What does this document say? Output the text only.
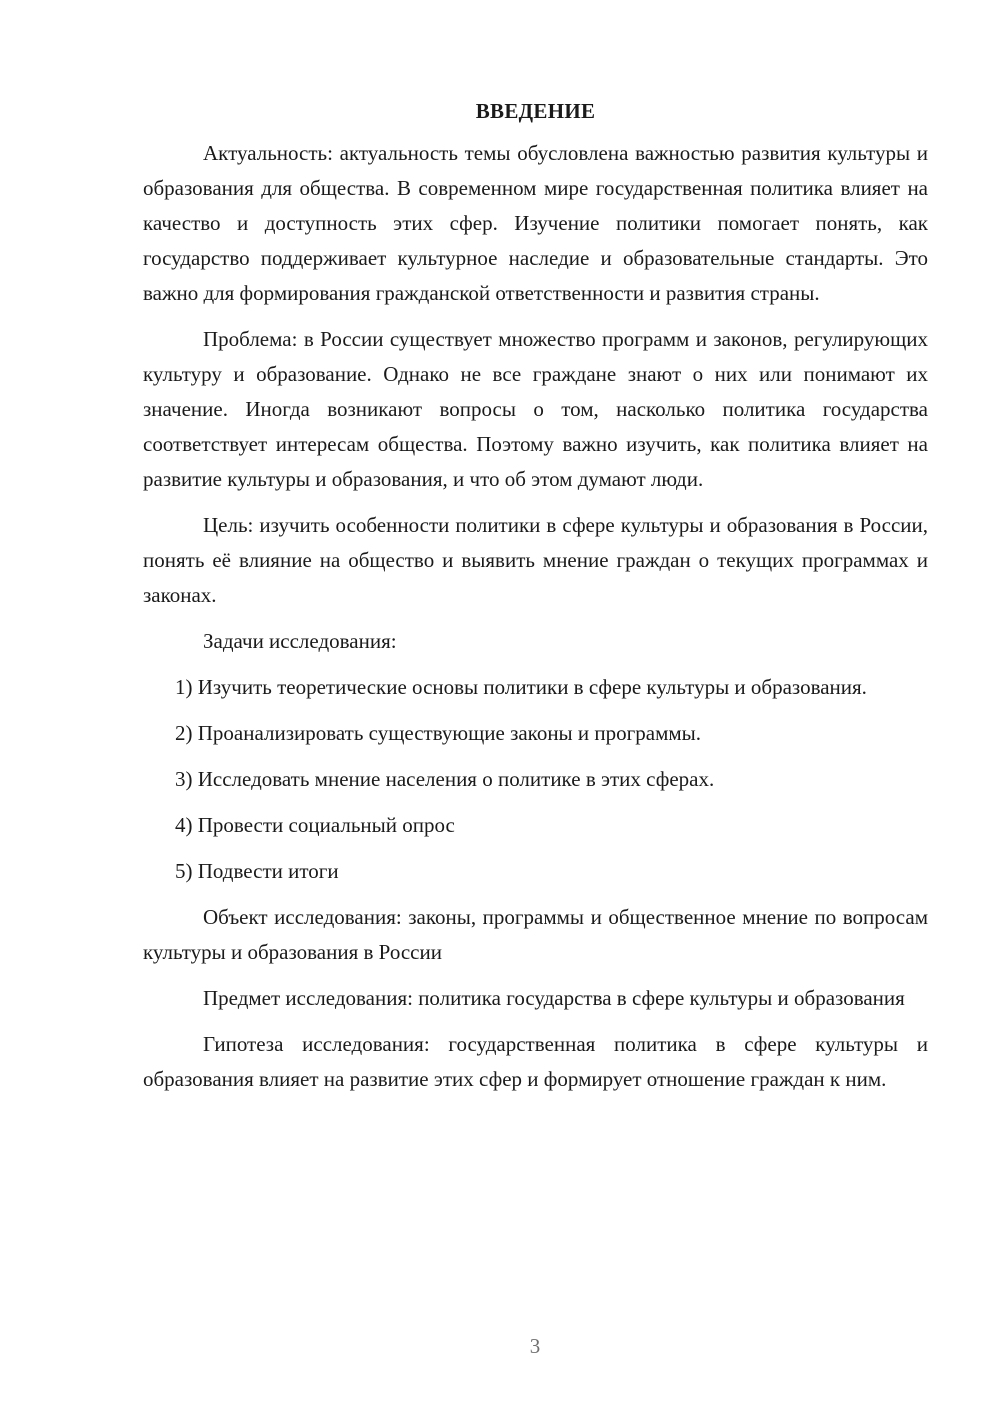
ВВЕДЕНИЕ

Актуальность: актуальность темы обусловлена важностью развития культуры и образования для общества. В современном мире государственная политика влияет на качество и доступность этих сфер. Изучение политики помогает понять, как государство поддерживает культурное наследие и образовательные стандарты. Это важно для формирования гражданской ответственности и развития страны.

Проблема: в России существует множество программ и законов, регулирующих культуру и образование. Однако не все граждане знают о них или понимают их значение. Иногда возникают вопросы о том, насколько политика государства соответствует интересам общества. Поэтому важно изучить, как политика влияет на развитие культуры и образования, и что об этом думают люди.

Цель: изучить особенности политики в сфере культуры и образования в России, понять её влияние на общество и выявить мнение граждан о текущих программах и законах.

Задачи исследования:

1) Изучить теоретические основы политики в сфере культуры и образования.

2) Проанализировать существующие законы и программы.

3) Исследовать мнение населения о политике в этих сферах.

4) Провести социальный опрос

5) Подвести итоги

Объект исследования: законы, программы и общественное мнение по вопросам культуры и образования в России

Предмет исследования: политика государства в сфере культуры и образования

Гипотеза исследования: государственная политика в сфере культуры и образования влияет на развитие этих сфер и формирует отношение граждан к ним.

3
